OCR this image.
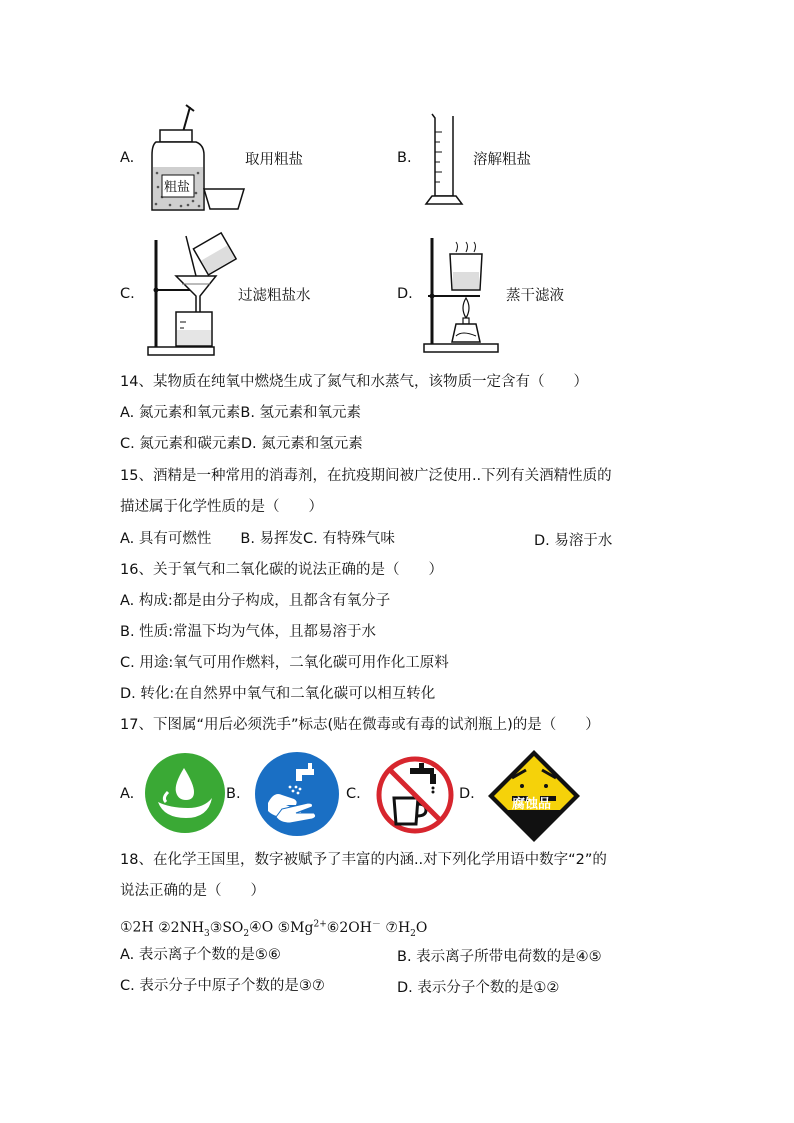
A.
粗盐
取用粗盐	B.	溶解粗盐
C.	过滤粗盐水	D.	蒸干滤液
14、某物质在纯氧中燃烧生成了氮气和水蒸气，该物质一定含有（　　）
A. 氮元素和氧元素B. 氢元素和氧元素
C. 氮元素和碳元素D. 氮元素和氢元素
15、酒精是一种常用的消毒剂，在抗疫期间被广泛使用..下列有关酒精性质的
描述属于化学性质的是（　　）
A. 具有可燃性　　B. 易挥发C. 有特殊气味	D. 易溶于水
16、关于氧气和二氧化碳的说法正确的是（　　）
A. 构成:都是由分子构成，且都含有氧分子
B. 性质:常温下均为气体，且都易溶于水
C. 用途:氧气可用作燃料，二氧化碳可用作化工原料
D. 转化:在自然界中氧气和二氧化碳可以相互转化
17、下图属“用后必须洗手”标志(贴在微毒或有毒的试剂瓶上)的是（　　）
A.	B.	C.	D.
腐蚀品
18、在化学王国里，数字被赋予了丰富的内涵..对下列化学用语中数字“2”的
说法正确的是（　　）
①2H $②2NH_3③SO_2④O$ $⑤Mg^{2+}⑥2OH^-$ $⑦H_2O$
A. 表示离子个数的是⑤⑥	B. 表示离子所带电荷数的是④⑤
C. 表示分子中原子个数的是③⑦	D. 表示分子个数的是①②
